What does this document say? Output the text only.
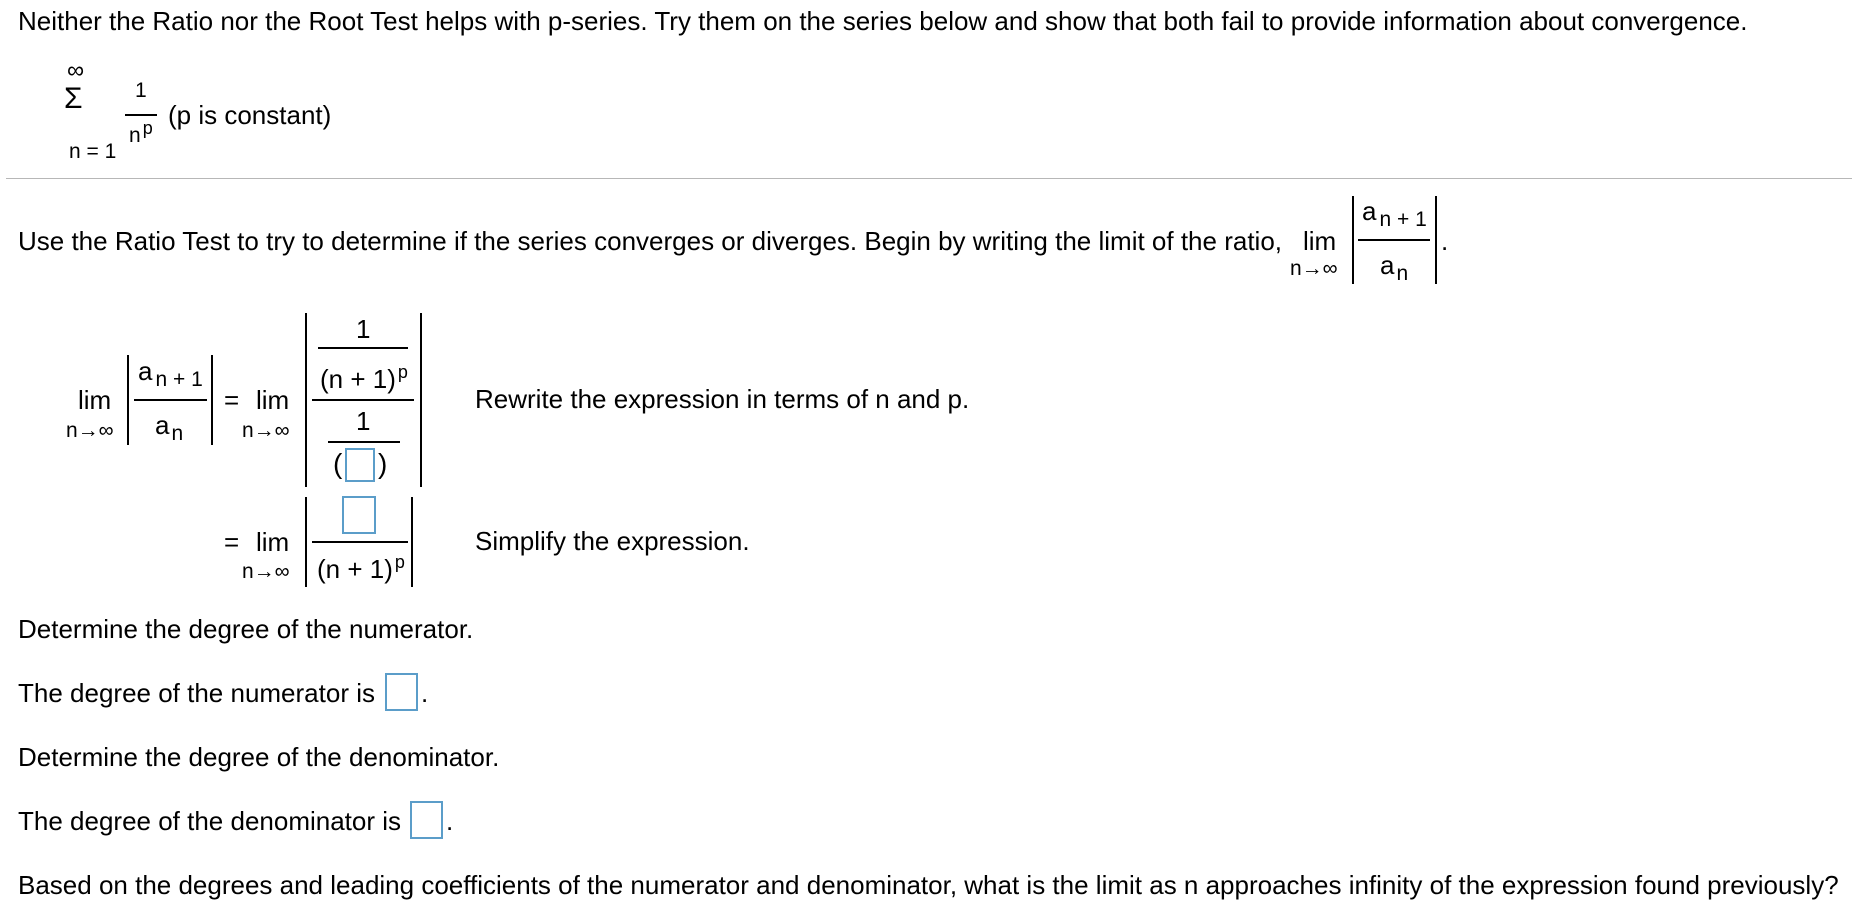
Neither the Ratio nor the Root Test helps with p-series. Try them on the series below and show that both fail to provide information about convergence.
∞
Σ
n = 1
1
n p (p is constant)
Use the Ratio Test to try to determine if the series converges or diverges. Begin by writing the limit of the ratio, lim
n→∞
a $_{n + 1}$
$a_n$
.
lim
n→∞
a $_{n + 1}$
$a_n$
= lim
n→∞
1
(n + 1) $^p$
1
( )
Rewrite the expression in terms of n and p.
= lim
n→∞ (n + 1) $^p$
Simplify the expression.
Determine the degree of the numerator.
The degree of the numerator is .
Determine the degree of the denominator.
The degree of the denominator is .
Based on the degrees and leading coefficients of the numerator and denominator, what is the limit as n approaches infinity of the expression found previously?
